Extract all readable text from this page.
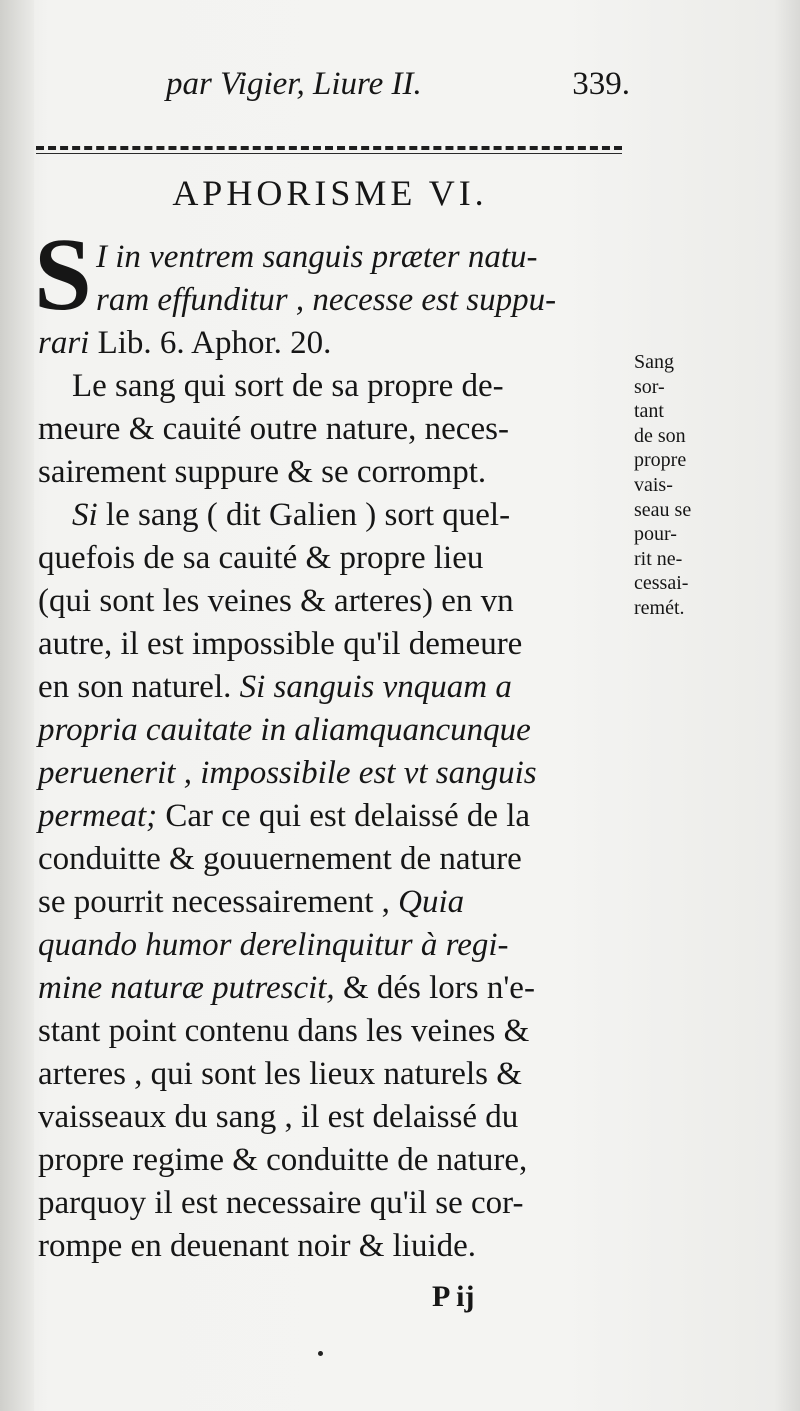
par Vigier, Liure II.	339.
APHORISME VI.
S I in ventrem sanguis prӕter natu-
ram effunditur , necesse est suppu-
rari Lib. 6. Aphor. 20.
Le sang qui sort de sa propre de-
meure & cauité outre nature, neces-
sairement suppure & se corrompt.
Si le sang ( dit Galien ) sort quel-
quefois de sa cauité & propre lieu
(qui sont les veines & arteres) en vn
autre, il est impossible qu'il demeure
en son naturel. Si sanguis vnquam a
propria cauitate in aliamquancunque
peruenerit , impossibile est vt sanguis
permeat; Car ce qui est delaissé de la
conduitte & gouuernement de nature
se pourrit necessairement , Quia
quando humor derelinquitur à regi-
mine naturӕ putrescit, & dés lors n'e-
stant point contenu dans les veines &
arteres , qui sont les lieux naturels &
vaisseaux du sang , il est delaissé du
propre regime & conduitte de nature,
parquoy il est necessaire qu'il se cor-
rompe en deuenant noir & liuide.
Sang
sor-
tant
de son
propre
vais-
seau se
pour-
rit ne-
cessai-
remét.
P ij
